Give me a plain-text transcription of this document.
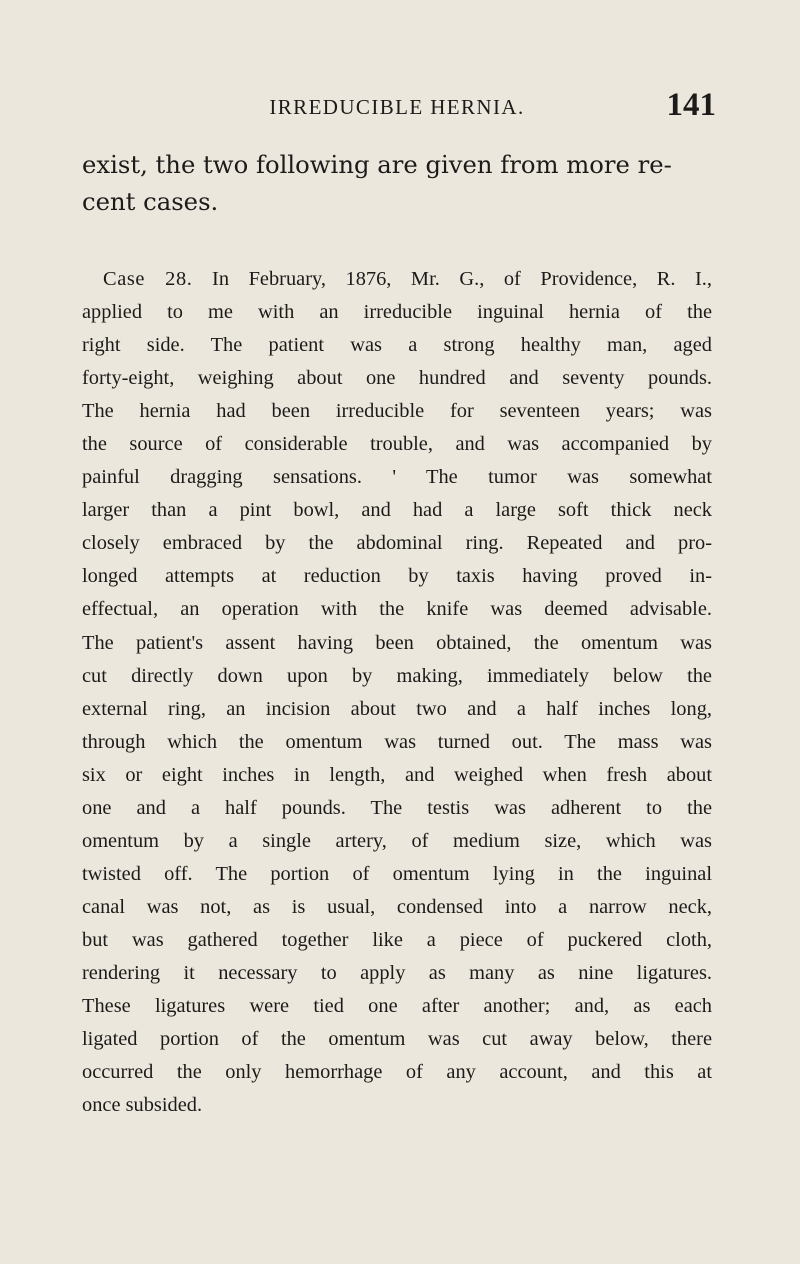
IRREDUCIBLE HERNIA.	141

exist, the two following are given from more re-
cent cases.

Case 28. In February, 1876, Mr. G., of Providence, R. I.,
applied to me with an irreducible inguinal hernia of the
right side. The patient was a strong healthy man, aged
forty-eight, weighing about one hundred and seventy pounds.
The hernia had been irreducible for seventeen years; was
the source of considerable trouble, and was accompanied by
painful dragging sensations. ' The tumor was somewhat
larger than a pint bowl, and had a large soft thick neck
closely embraced by the abdominal ring. Repeated and pro-
longed attempts at reduction by taxis having proved in-
effectual, an operation with the knife was deemed advisable.
The patient's assent having been obtained, the omentum was
cut directly down upon by making, immediately below the
external ring, an incision about two and a half inches long,
through which the omentum was turned out. The mass was
six or eight inches in length, and weighed when fresh about
one and a half pounds. The testis was adherent to the
omentum by a single artery, of medium size, which was
twisted off. The portion of omentum lying in the inguinal
canal was not, as is usual, condensed into a narrow neck,
but was gathered together like a piece of puckered cloth,
rendering it necessary to apply as many as nine ligatures.
These ligatures were tied one after another; and, as each
ligated portion of the omentum was cut away below, there
occurred the only hemorrhage of any account, and this at
once subsided.
